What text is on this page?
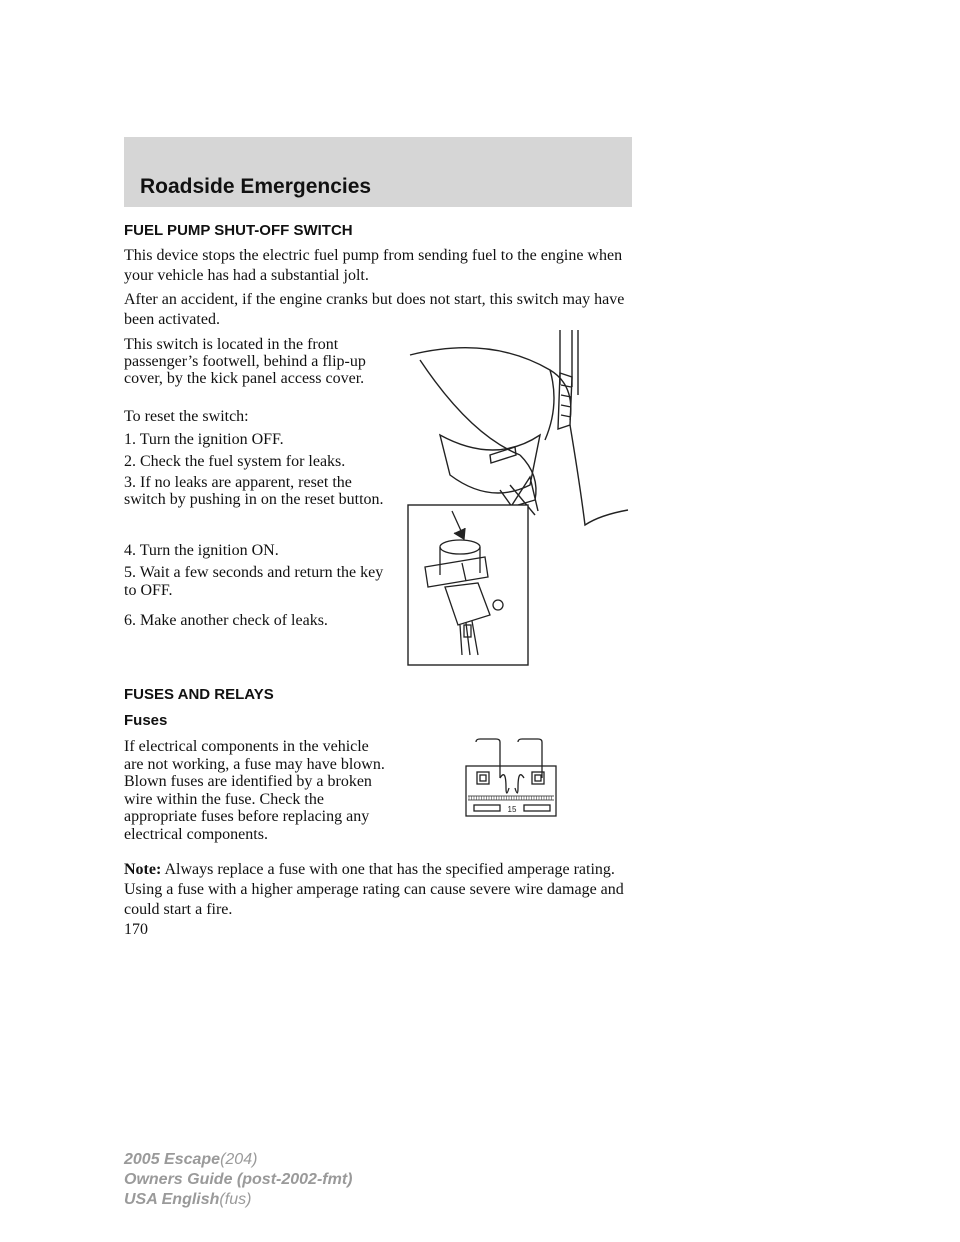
Roadside Emergencies
FUEL PUMP SHUT-OFF SWITCH

This device stops the electric fuel pump from sending fuel to the engine when your vehicle has had a substantial jolt.

After an accident, if the engine cranks but does not start, this switch may have been activated.

This switch is located in the front passenger’s footwell, behind a flip-up cover, by the kick panel access cover.

To reset the switch:

1. Turn the ignition OFF.

2. Check the fuel system for leaks.

3. If no leaks are apparent, reset the switch by pushing in on the reset button.

4. Turn the ignition ON.

5. Wait a few seconds and return the key to OFF.

6. Make another check of leaks.

FUSES AND RELAYS
Fuses

If electrical components in the vehicle are not working, a fuse may have blown. Blown fuses are identified by a broken wire within the fuse. Check the appropriate fuses before replacing any electrical components.

15

Note: Always replace a fuse with one that has the specified amperage rating. Using a fuse with a higher amperage rating can cause severe wire damage and could start a fire.

170
2005 Escape(204)
Owners Guide (post-2002-fmt)
USA English(fus)
